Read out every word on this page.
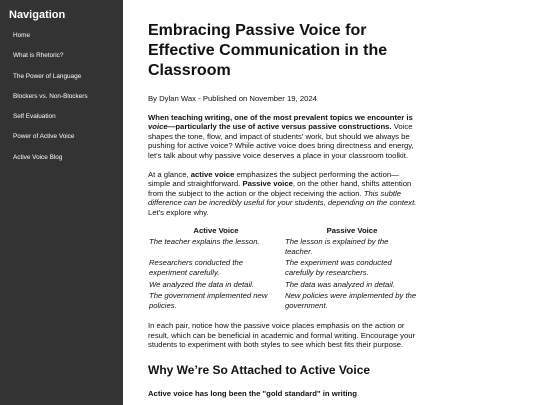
Navigation
Home
What is Rhetoric?
The Power of Language
Blockers vs. Non-Blockers
Self Evaluation
Power of Active Voice
Active Voice Blog
Embracing Passive Voice for Effective Communication in the Classroom
By Dylan Wax - Published on November 19, 2024

When teaching writing, one of the most prevalent topics we encounter is voice—particularly the use of active versus passive constructions. Voice shapes the tone, flow, and impact of students' work, but should we always be pushing for active voice? While active voice does bring directness and energy, let's talk about why passive voice deserves a place in your classroom toolkit.

At a glance, active voice emphasizes the subject performing the action—simple and straightforward. Passive voice, on the other hand, shifts attention from the subject to the action or the object receiving the action. This subtle difference can be incredibly useful for your students, depending on the context. Let's explore why.

Active Voice	Passive Voice
The teacher explains the lesson.	The lesson is explained by the teacher.
Researchers conducted the experiment carefully.	The experiment was conducted carefully by researchers.
We analyzed the data in detail.	The data was analyzed in detail.
The government implemented new policies.	New policies were implemented by the government.

In each pair, notice how the passive voice places emphasis on the action or result, which can be beneficial in academic and formal writing. Encourage your students to experiment with both styles to see which best fits their purpose.

Why We’re So Attached to Active Voice

Active voice has long been the "gold standard" in writing
